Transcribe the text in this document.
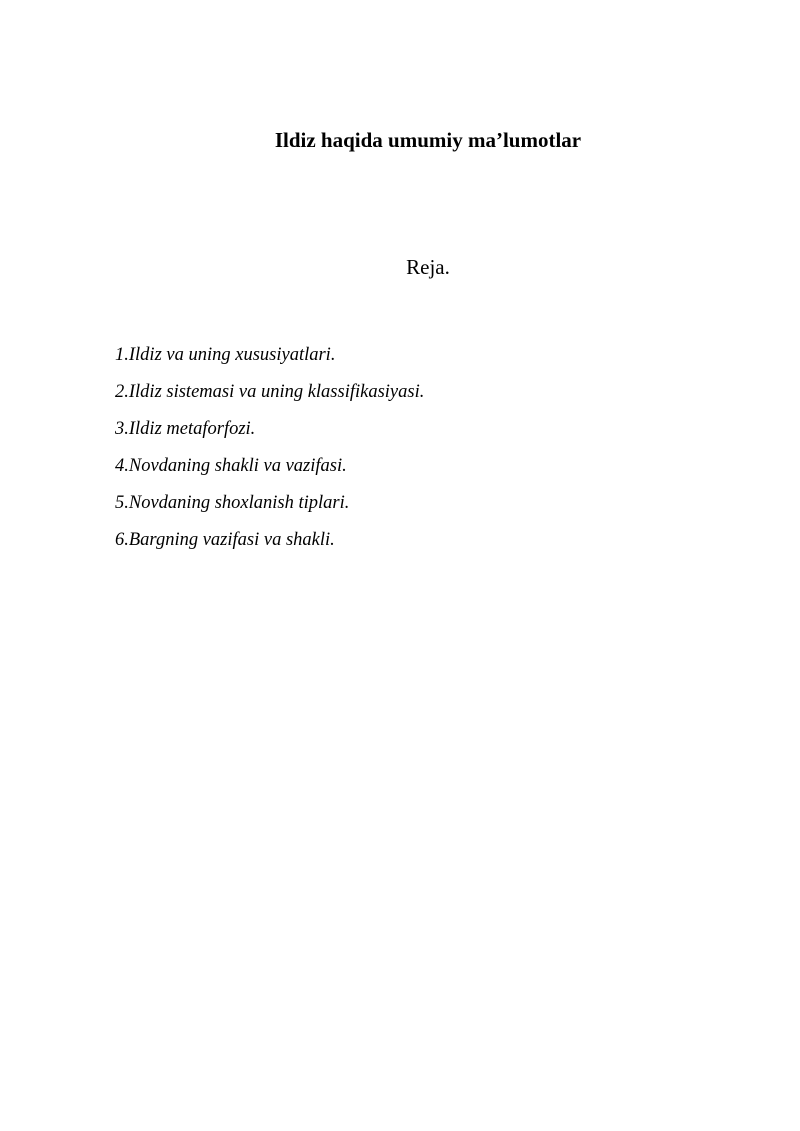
Ildiz haqida umumiy ma’lumotlar
Reja.
1.Ildiz va uning xususiyatlari.
2.Ildiz sistemasi va uning klassifikasiyasi.
3.Ildiz metaforfozi.
4.Novdaning shakli va vazifasi.
5.Novdaning shoxlanish tiplari.
6.Bargning vazifasi va shakli.
